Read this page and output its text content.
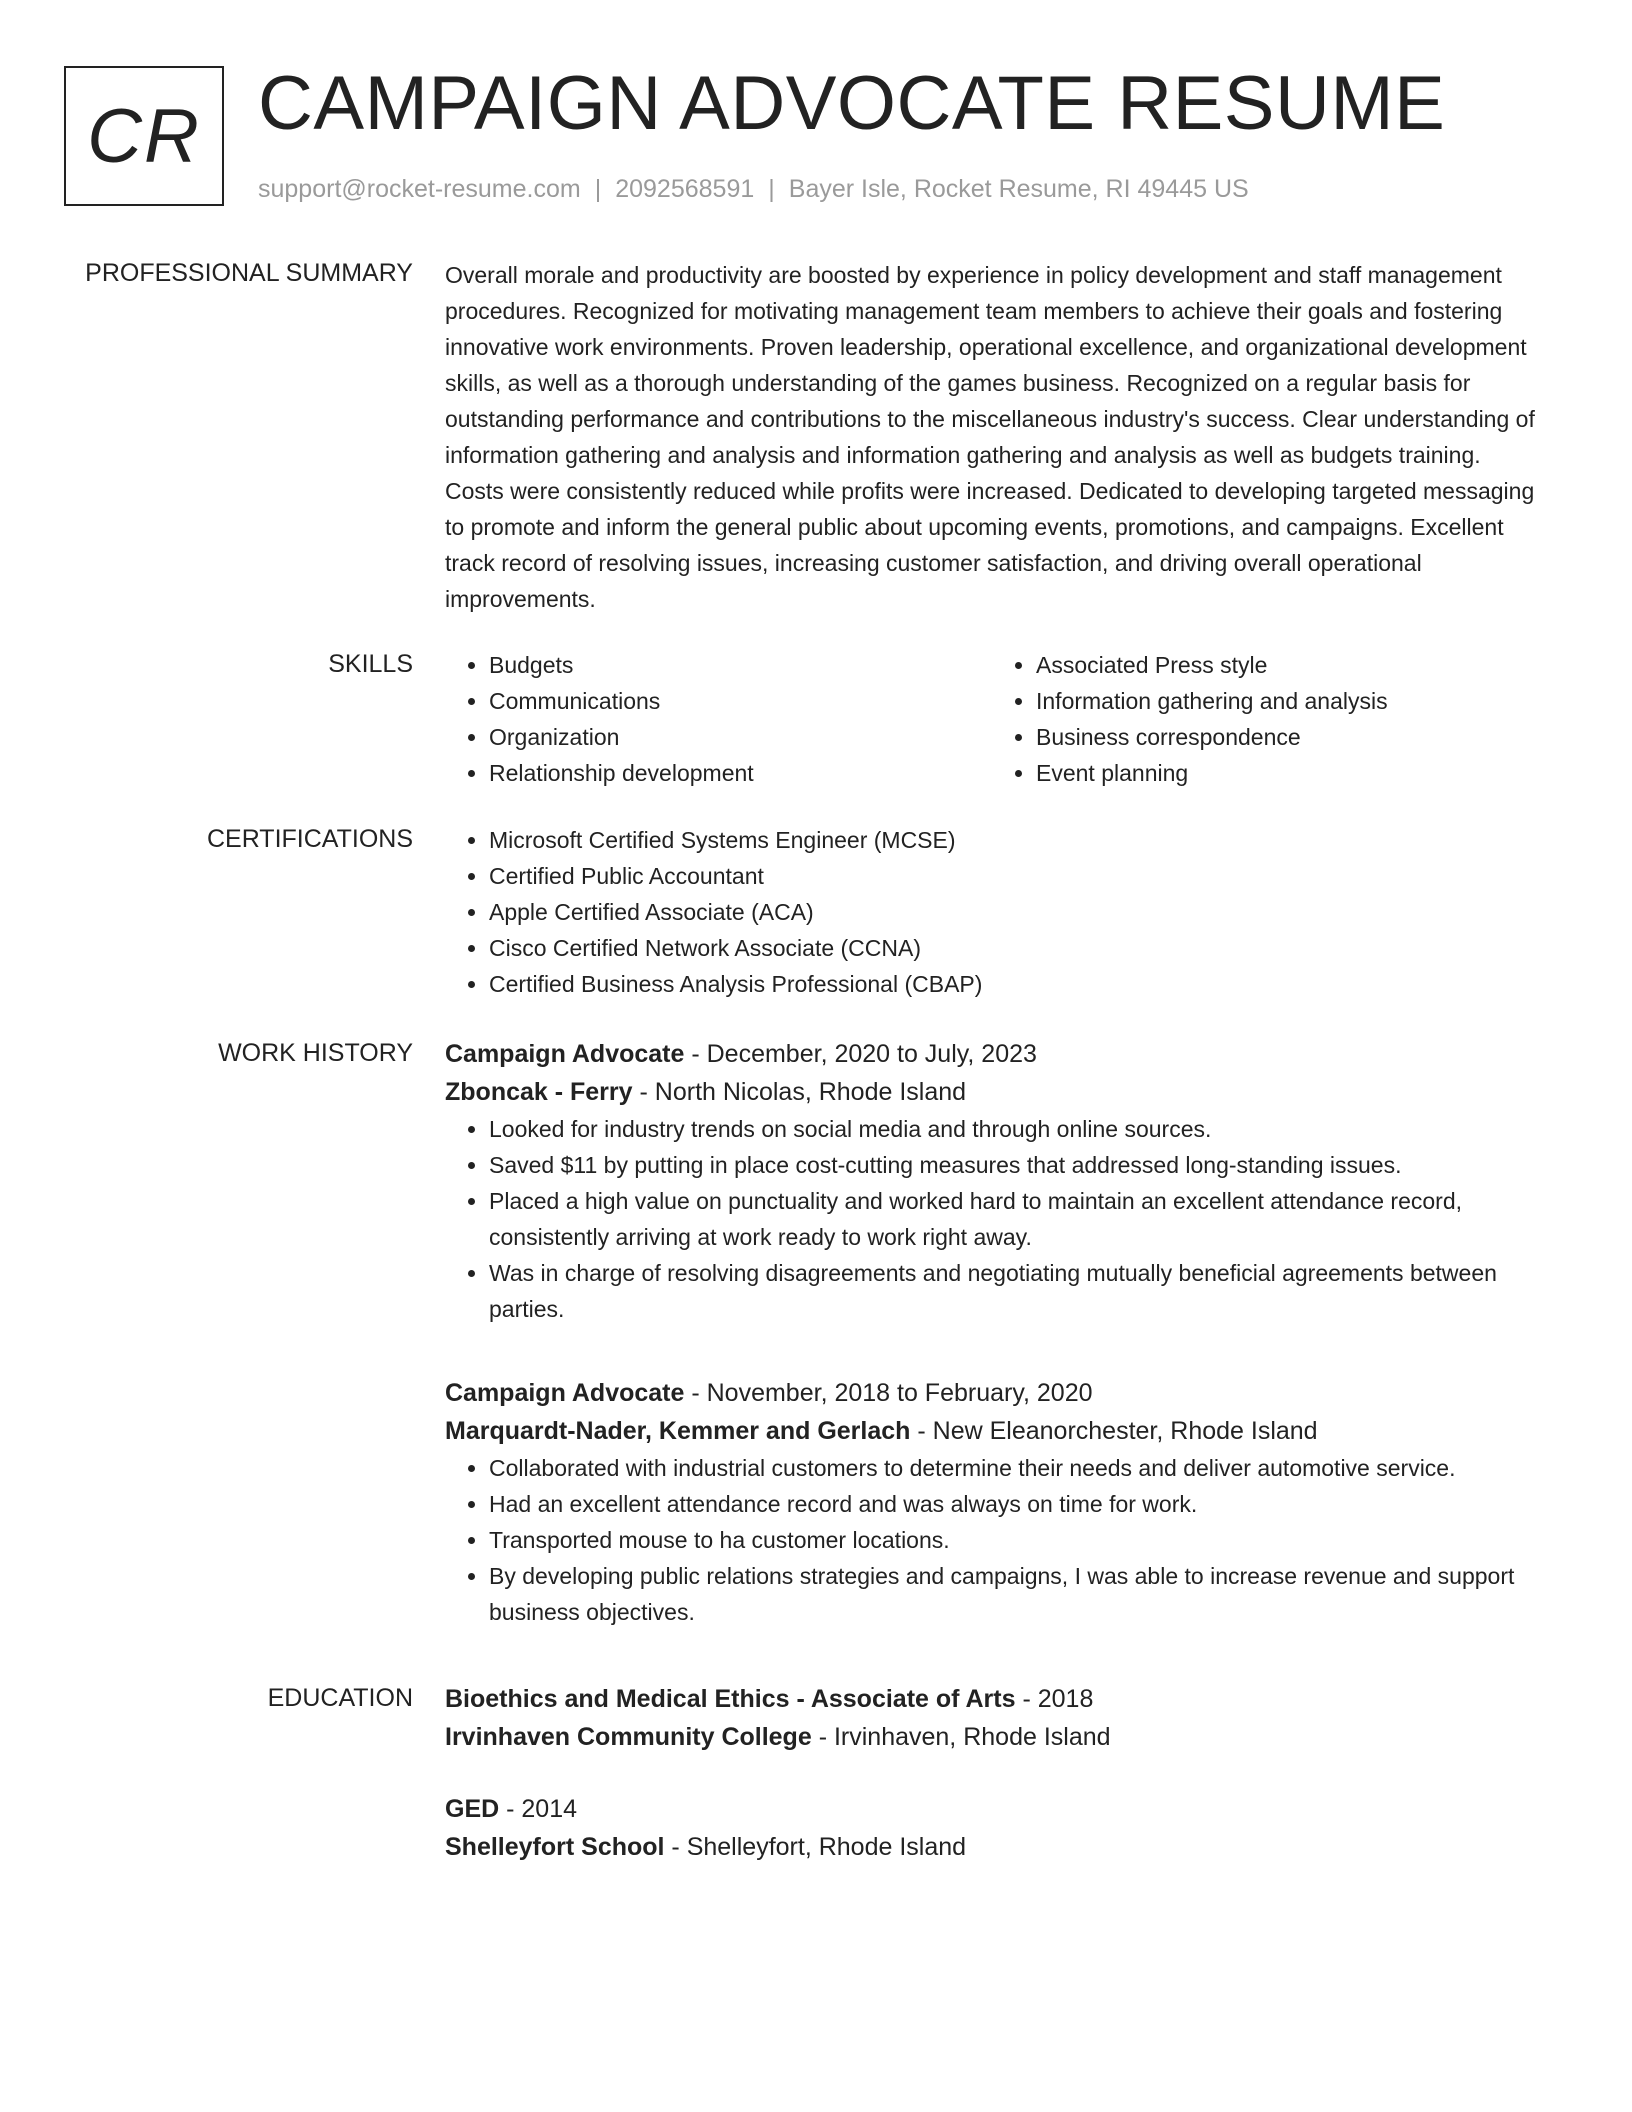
CR CAMPAIGN ADVOCATE RESUME
support@rocket-resume.com | 2092568591 | Bayer Isle, Rocket Resume, RI 49445 US
PROFESSIONAL SUMMARY Overall morale and productivity are boosted by experience in policy development and staff management procedures. Recognized for motivating management team members to achieve their goals and fostering innovative work environments. Proven leadership, operational excellence, and organizational development skills, as well as a thorough understanding of the games business. Recognized on a regular basis for outstanding performance and contributions to the miscellaneous industry's success. Clear understanding of information gathering and analysis and information gathering and analysis as well as budgets training. Costs were consistently reduced while profits were increased. Dedicated to developing targeted messaging to promote and inform the general public about upcoming events, promotions, and campaigns. Excellent track record of resolving issues, increasing customer satisfaction, and driving overall operational improvements.

SKILLS	• Budgets
• Communications
• Organization
• Relationship development
• Associated Press style
• Information gathering and analysis
• Business correspondence
• Event planning
CERTIFICATIONS	• Microsoft Certified Systems Engineer (MCSE)
• Certified Public Accountant
• Apple Certified Associate (ACA)
• Cisco Certified Network Associate (CCNA)
• Certified Business Analysis Professional (CBAP)
WORK HISTORY Campaign Advocate - December, 2020 to July, 2023
Zboncak - Ferry - North Nicolas, Rhode Island
• Looked for industry trends on social media and through online sources.
• Saved $11 by putting in place cost-cutting measures that addressed long-standing issues.
• Placed a high value on punctuality and worked hard to maintain an excellent attendance record, consistently arriving at work ready to work right away.
• Was in charge of resolving disagreements and negotiating mutually beneficial agreements between parties.
Campaign Advocate - November, 2018 to February, 2020
Marquardt-Nader, Kemmer and Gerlach - New Eleanorchester, Rhode Island
• Collaborated with industrial customers to determine their needs and deliver automotive service.
• Had an excellent attendance record and was always on time for work.
• Transported mouse to ha customer locations.
• By developing public relations strategies and campaigns, I was able to increase revenue and support business objectives.
EDUCATION Bioethics and Medical Ethics - Associate of Arts - 2018
Irvinhaven Community College - Irvinhaven, Rhode Island
GED - 2014
Shelleyfort School - Shelleyfort, Rhode Island
